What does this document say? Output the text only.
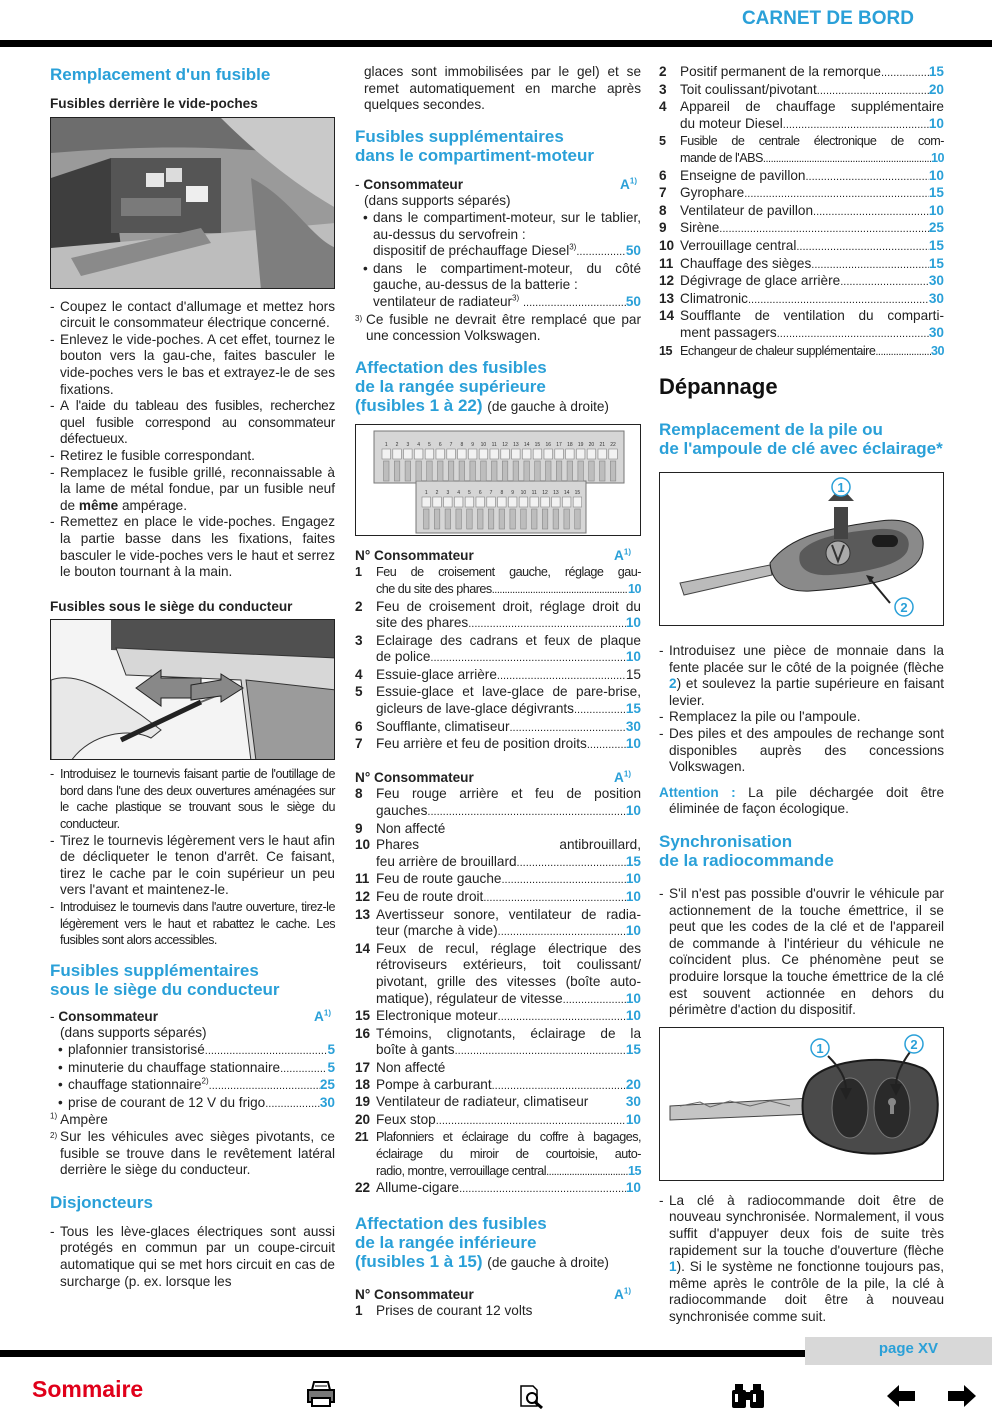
CARNET DE BORD
Remplacement d'un fusible
Fusibles derrière le vide-poches
- Coupez le contact d'allumage et mettez hors circuit le consommateur électrique concerné.
- Enlevez le vide-poches. A cet effet, tournez le bouton vers la gau-che, faites basculer le vide-poches vers le bas et extrayez-le de ses fixations.
- A l'aide du tableau des fusibles, recherchez quel fusible correspond au consommateur défectueux.
- Retirez le fusible correspondant.
- Remplacez le fusible grillé, reconnaissable à la lame de métal fondue, par un fusible neuf de même ampérage.
- Remettez en place le vide-poches. Engagez la partie basse dans les fixations, faites basculer le vide-poches vers le haut et serrez le bouton tournant à la main.
Fusibles sous le siège du conducteur
- Introduisez le tournevis faisant partie de l'outillage de bord dans l'une des deux ouvertures aménagées sur le cache plastique se trouvant sous le siège du conducteur.
- Tirez le tournevis légèrement vers le haut afin de décliqueter le tenon d'arrêt. Ce faisant, tirez le cache par le coin supérieur un peu vers l'avant et maintenez-le.
- Introduisez le tournevis dans l'autre ouverture, tirez-le légèrement vers le haut et rabattez le cache. Les fusibles sont alors accessibles.
Fusibles supplémentaires
sous le siège du conducteur
- Consommateur	$A^{1)}$
(dans supports séparés)
• plafonnier transistorisé .....	5
• minuterie du chauffage stationnaire .....	5
• chauffage stationnaire$^{2)}$ .....	25
• prise de courant de 12 V du frigo .....	30
$^{1)}$ Ampère
2) Sur les véhicules avec sièges pivotants, ce fusible se trouve dans le revêtement latéral derrière le siège du conducteur.
Disjoncteurs
- Tous les lève-glaces électriques sont aussi protégés en commun par un coupe-circuit automatique qui se met hors circuit en cas de surcharge (p. ex. lorsque les

glaces sont immobilisées par le gel) et se remet automatiquement en marche après quelques secondes.

Fusibles supplémentaires
dans le compartiment-moteur
- Consommateur	$A^{1)}$
(dans supports séparés)
• dans le compartiment-moteur, sur le tablier, au-dessus du servofrein :
dispositif de préchauffage Diesel$^{3)}$ .....	50
• dans le compartiment-moteur, du côté gauche, au-dessus de la batterie :
ventilateur de radiateur$^{3)}$ .....	50
3) Ce fusible ne devrait être remplacé que par une concession Volkswagen.
Affectation des fusibles
de la rangée supérieure
(fusibles 1 à 22) (de gauche à droite)
1 2 3 4 5 6 7 8 9 10 11 12 13 14 15 16 17 18 19 20 21 22
1 2 3 4 5 6 7 8 9 10 11 12 13 14 15
N° Consommateur	$A^{1)}$
1 Feu de croisement gauche, réglage gau-
che du site des phares .....	10
2 Feu de croisement droit, réglage droit du
site des phares .....	10
3 Eclairage des cadrans et feux de plaque
de police .....	10
4 Essuie-glace arrière .....	15
5 Essuie-glace et lave-glace de pare-brise,
gicleurs de lave-glace dégivrants .....	15
6 Soufflante, climatiseur .....	30
7 Feu arrière et feu de position droits .....	10
N° Consommateur	$A^{1)}$
8 Feu rouge arrière et feu de position
gauches .....	10
9 Non affecté
10 Phares antibrouillard,
feu arrière de brouillard .....	15
11 Feu de route gauche .....	10
12 Feu de route droit .....	10
13 Avertisseur sonore, ventilateur de radia-
teur (marche à vide) .....	10
14 Feux de recul, réglage électrique des rétroviseurs extérieurs, toit coulissant/ pivotant, grille des vitesses (boîte auto-
matique), régulateur de vitesse .....	10
15 Electronique moteur .....	10
16 Témoins, clignotants, éclairage de la
boîte à gants .....	15
17 Non affecté
18 Pompe à carburant .....	20
19 Ventilateur de radiateur, climatiseur	30
20 Feux stop .....	10
21 Plafonniers et éclairage du coffre à bagages, éclairage du miroir de courtoisie, auto-
radio, montre, verrouillage central .....	15
22 Allume-cigare .....	10
Affectation des fusibles
de la rangée inférieure
(fusibles 1 à 15) (de gauche à droite)
N° Consommateur	$A^{1)}$
1 Prises de courant 12 volts
2 Positif permanent de la remorque .....	15
3 Toit coulissant/pivotant .....	20
4 Appareil de chauffage supplémentaire
du moteur Diesel .....	10
5 Fusible de centrale électronique de com-
mande de l'ABS .....	10
6 Enseigne de pavillon .....	10
7 Gyrophare .....	15
8 Ventilateur de pavillon .....	10
9 Sirène .....	25
10 Verrouillage central .....	15
11 Chauffage des sièges .....	15
12 Dégivrage de glace arrière .....	30
13 Climatronic .....	30
14 Soufflante de ventilation du comparti-
ment passagers .....	30
15 Echangeur de chaleur supplémentaire .....	30
Dépannage
Remplacement de la pile ou
de l'ampoule de clé avec éclairage*
1
2
- Introduisez une pièce de monnaie dans la fente placée sur le côté de la poignée (flèche 2) et soulevez la partie supérieure en faisant levier.
- Remplacez la pile ou l'ampoule.
- Des piles et des ampoules de rechange sont disponibles auprès des concessions Volkswagen.

Attention : La pile déchargée doit être éliminée de façon écologique.

Synchronisation
de la radiocommande
- S'il n'est pas possible d'ouvrir le véhicule par actionnement de la touche émettrice, il se peut que les codes de la clé et de l'appareil de commande à l'intérieur du véhicule ne coïncident plus. Ce phénomène peut se produire lorsque la touche émettrice de la clé est souvent actionnée en dehors du périmètre d'action du dispositif.
1	2
- La clé à radiocommande doit être de nouveau synchronisée. Normalement, il vous suffit d'appuyer deux fois de suite très rapidement sur la touche d'ouverture (flèche 1). Si le système ne fonctionne toujours pas, même après le contrôle de la pile, la clé à radiocommande doit être à nouveau synchronisée comme suit.
page XV
Sommaire
